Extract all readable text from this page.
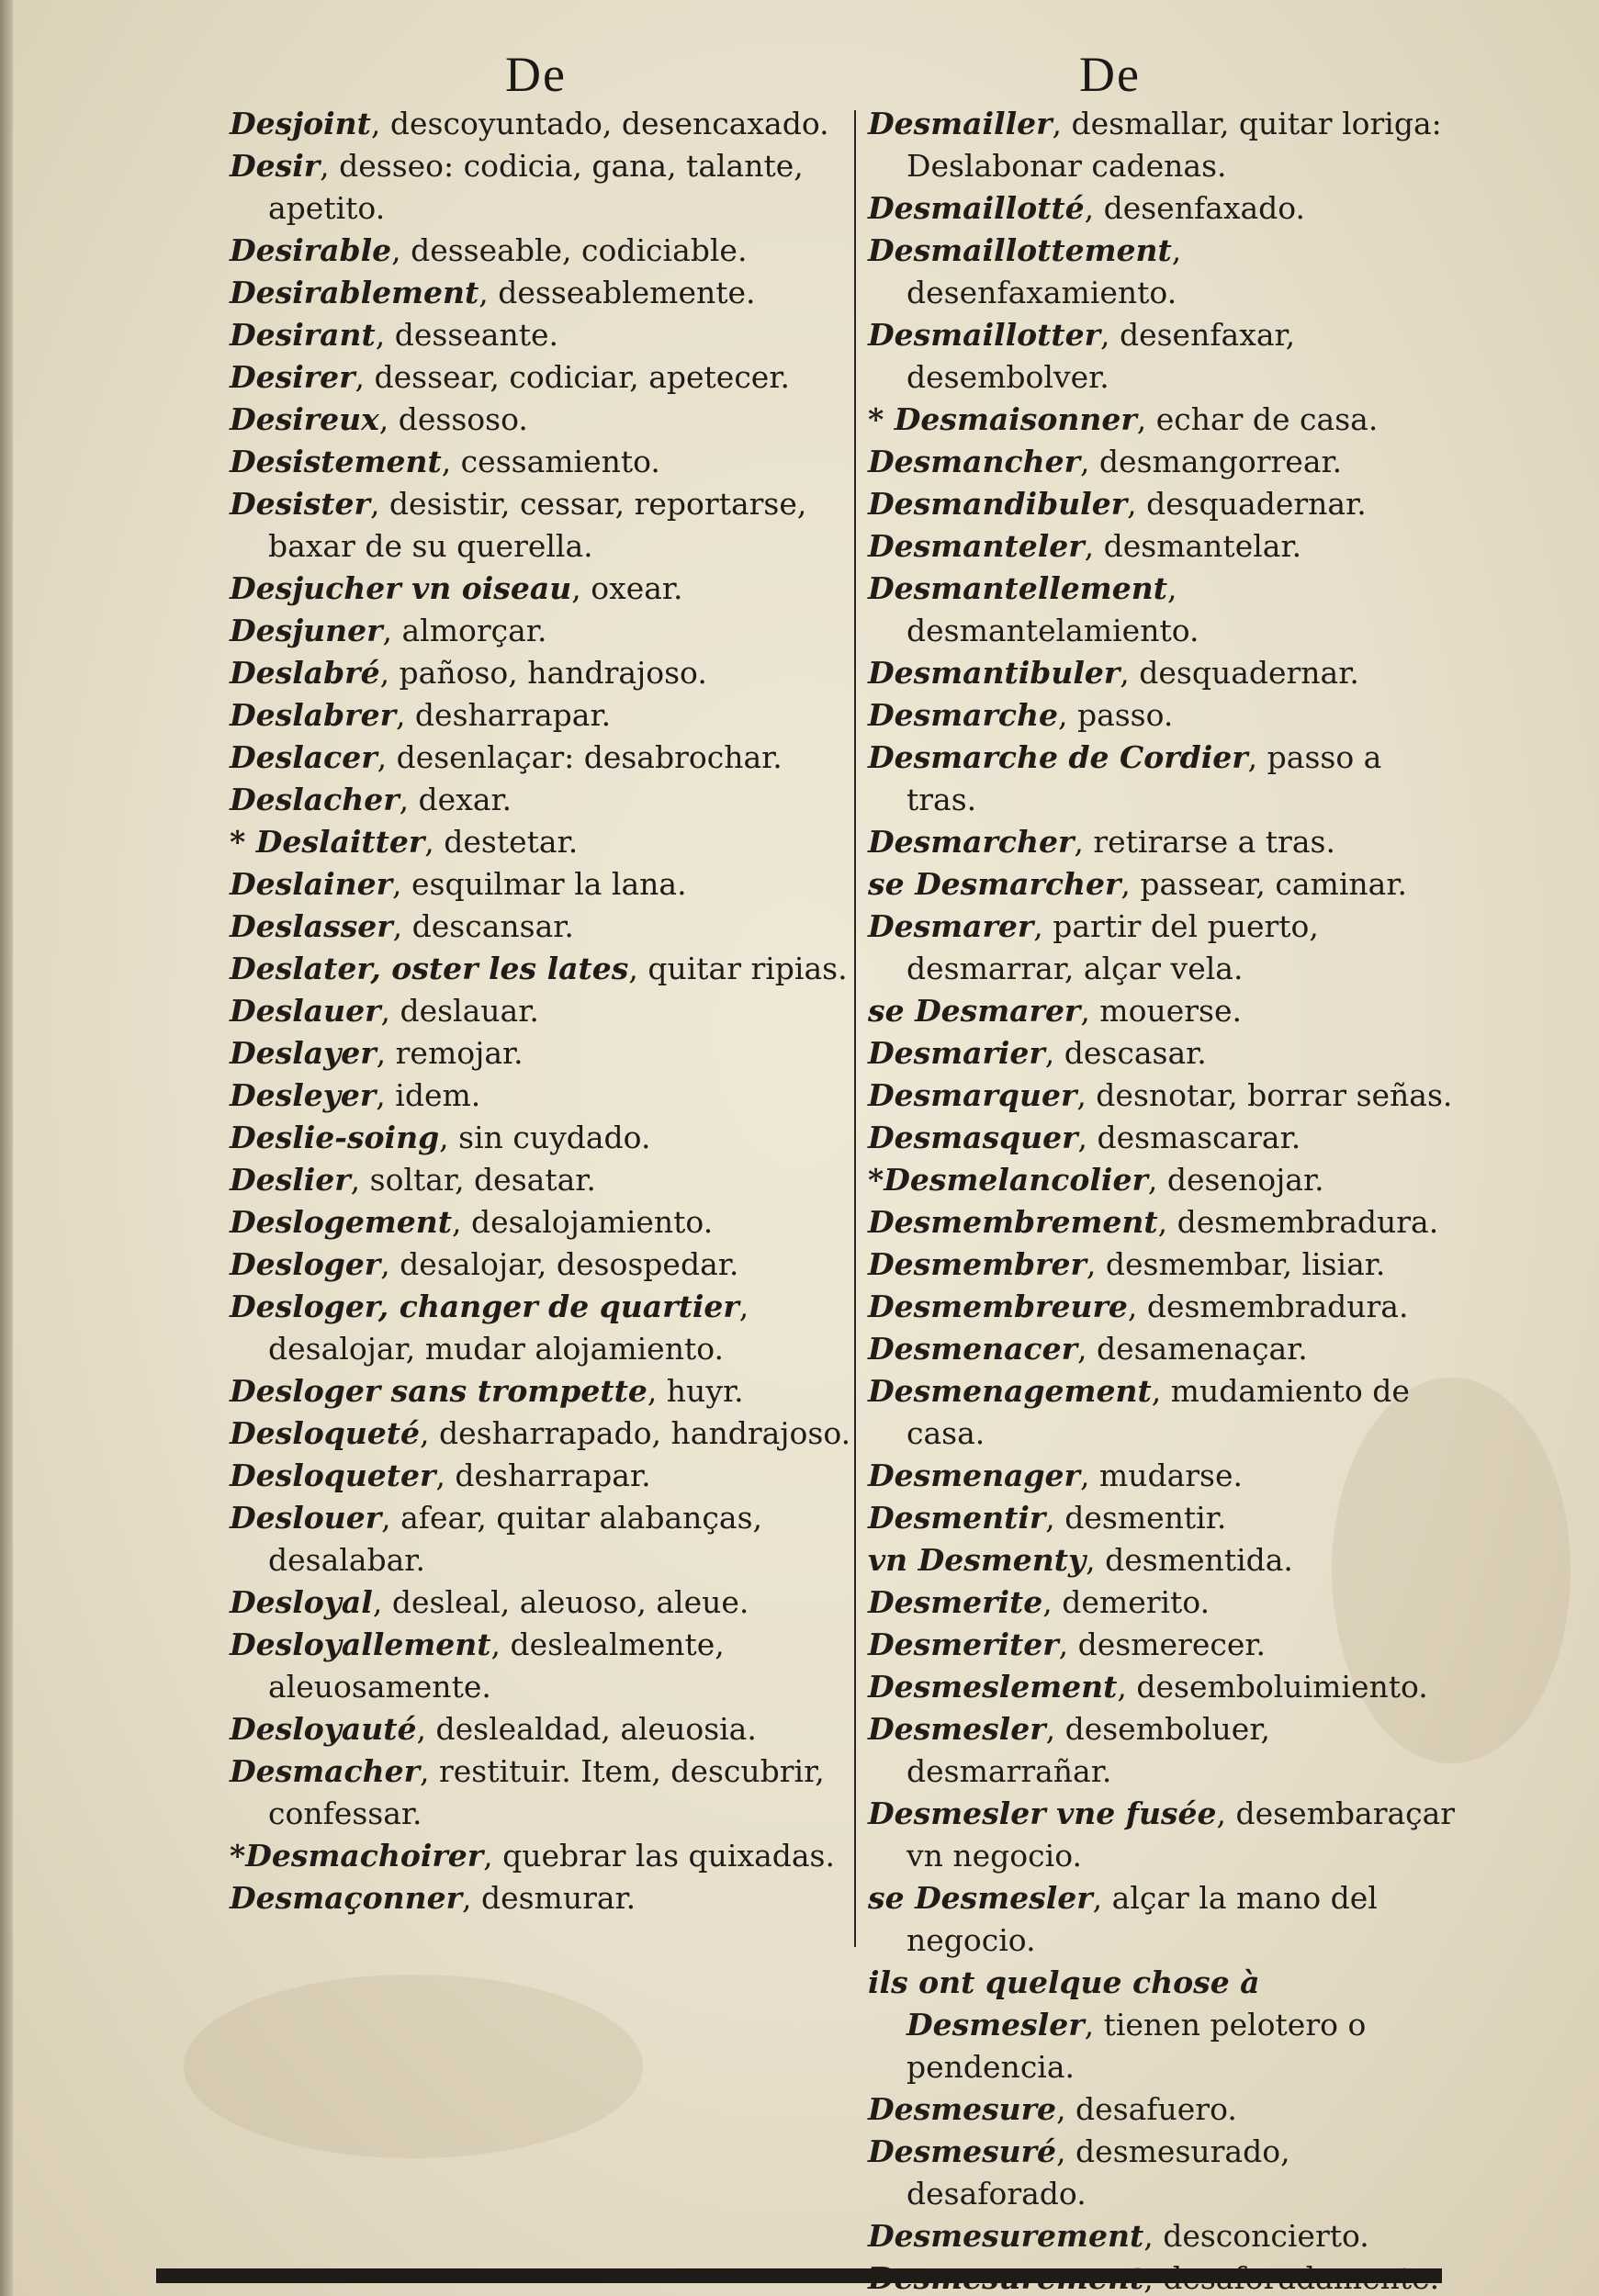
De
Desjoint, descoyuntado, desencaxado.
Desir, desseo: codicia, gana, talante, apetito.
Desirable, desseable, codiciable.
Desirablement, desseablemente.
Desirant, desseante.
Desirer, dessear, codiciar, apetecer.
Desireux, dessoso.
Desistement, cessamiento.
Desister, desistir, cessar, reportarse, baxar de su querella.
Desjucher vn oiseau, oxear.
Desjuner, almorçar.
Deslabré, pañoso, handrajoso.
Deslabrer, desharrapar.
Deslacer, desenlaçar: desabrochar.
Deslacher, dexar.
* Deslaitter, destetar.
Deslainer, esquilmar la lana.
Deslasser, descansar.
Deslater, oster les lates, quitar ripias.
Deslauer, deslauar.
Deslayer, remojar.
Desleyer, idem.
Deslie-soing, sin cuydado.
Deslier, soltar, desatar.
Deslogement, desalojamiento.
Desloger, desalojar, desospedar.
Desloger, changer de quartier, desalojar, mudar alojamiento.
Desloger sans trompette, huyr.
Desloqueté, desharrapado, handrajoso.
Desloqueter, desharrapar.
Deslouer, afear, quitar alabanças, desalabar.
Desloyal, desleal, aleuoso, aleue.
Desloyallement, deslealmente, aleuosamente.
Desloyauté, deslealdad, aleuosia.
Desmacher, restituir. Item, descubrir, confessar.
*Desmachoirer, quebrar las quixadas.
Desmaçonner, desmurar.
De
Desmailler, desmallar, quitar loriga: Deslabonar cadenas.
Desmaillotté, desenfaxado.
Desmaillottement, desenfaxamiento.
Desmaillotter, desenfaxar, desembolver.
* Desmaisonner, echar de casa.
Desmancher, desmangorrear.
Desmandibuler, desquadernar.
Desmanteler, desmantelar.
Desmantellement, desmantelamiento.
Desmantibuler, desquadernar.
Desmarche, passo.
Desmarche de Cordier, passo a tras.
Desmarcher, retirarse a tras.
se Desmarcher, passear, caminar.
Desmarer, partir del puerto, desmarrar, alçar vela.
se Desmarer, mouerse.
Desmarier, descasar.
Desmarquer, desnotar, borrar señas.
Desmasquer, desmascarar.
*Desmelancolier, desenojar.
Desmembrement, desmembradura.
Desmembrer, desmembar, lisiar.
Desmembreure, desmembradura.
Desmenacer, desamenaçar.
Desmenagement, mudamiento de casa.
Desmenager, mudarse.
Desmentir, desmentir.
vn Desmenty, desmentida.
Desmerite, demerito.
Desmeriter, desmerecer.
Desmeslement, desemboluimiento.
Desmesler, desemboluer, desmarrañar.
Desmesler vne fusée, desembaraçar vn negocio.
se Desmesler, alçar la mano del negocio.
ils ont quelque chose à Desmesler, tienen pelotero o pendencia.
Desmesure, desafuero.
Desmesuré, desmesurado, desaforado.
Desmesurement, desconcierto.
